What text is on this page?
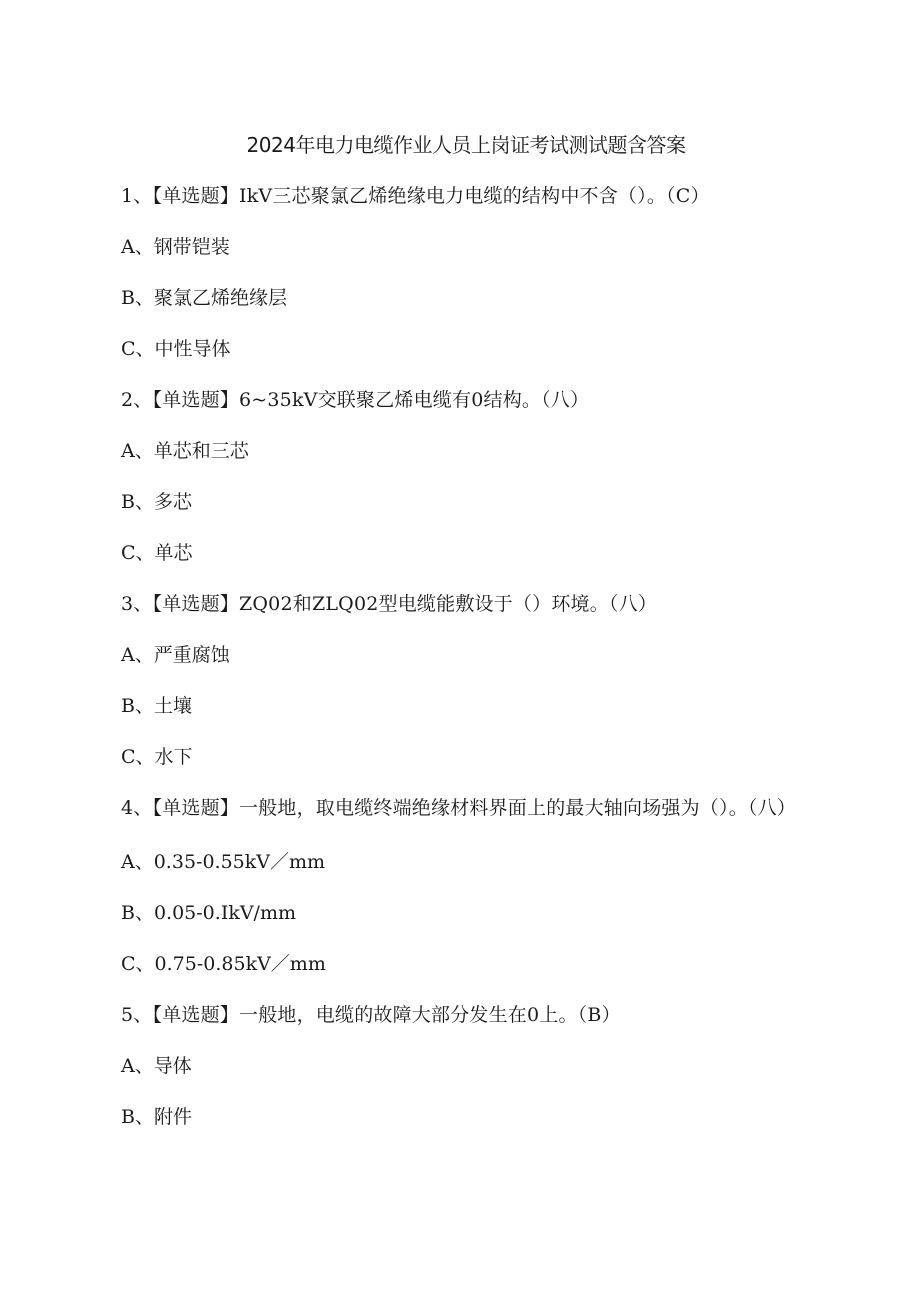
2024年电力电缆作业人员上岗证考试测试题含答案
1、【单选题】IkV三芯聚氯乙烯绝缘电力电缆的结构中不含（）。（C）
A、钢带铠装
B、聚氯乙烯绝缘层
C、中性导体
2、【单选题】6~35kV交联聚乙烯电缆有0结构。（八）
A、单芯和三芯
B、多芯
C、单芯
3、【单选题】ZQ02和ZLQ02型电缆能敷设于（）环境。（八）
A、严重腐蚀
B、土壤
C、水下
4、【单选题】一般地，取电缆终端绝缘材料界面上的最大轴向场强为（）。（八）
A、0.35-0.55kV／mm
B、0.05-0.IkV/mm
C、0.75-0.85kV／mm
5、【单选题】一般地，电缆的故障大部分发生在0上。（B）
A、导体
B、附件
